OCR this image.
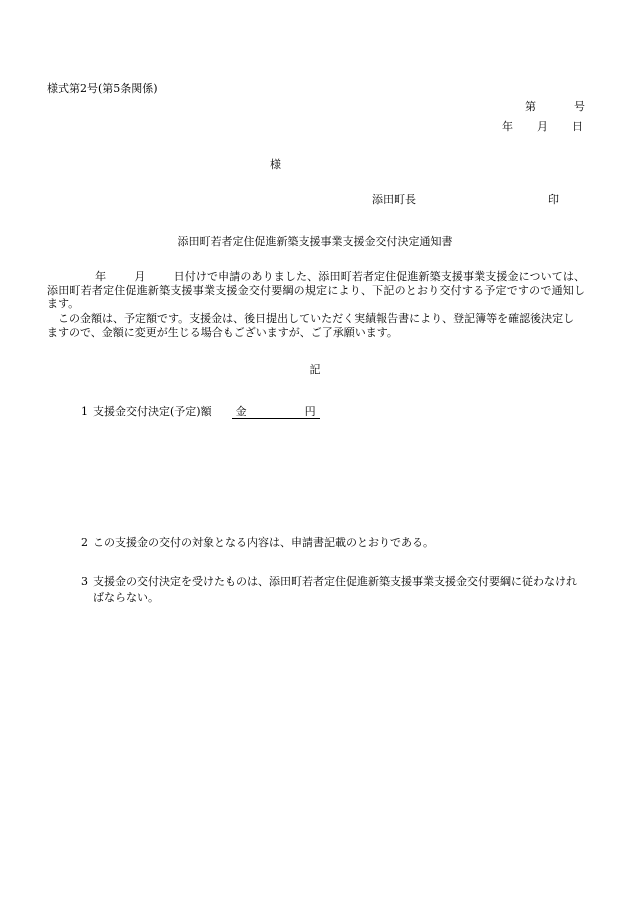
様式第2号(第5条関係)
第	号
年 月 日
様
添田町長	印
添田町若者定住促進新築支援事業支援金交付決定通知書
年	月	日付けで申請のありました、添田町若者定住促進新築支援事業支援金については、添田町若者定住促進新築支援事業支援金交付要綱の規定により、下記のとおり交付する予定ですので通知します。
この金額は、予定額です。支援金は、後日提出していただく実績報告書により、登記簿等を確認後決定しますので、金額に変更が生じる場合もございますが、ご了承願います。
記
1 支援金交付決定(予定)額 金	円
2 この支援金の交付の対象となる内容は、申請書記載のとおりである。
3 支援金の交付決定を受けたものは、添田町若者定住促進新築支援事業支援金交付要綱に従わなければならない。
